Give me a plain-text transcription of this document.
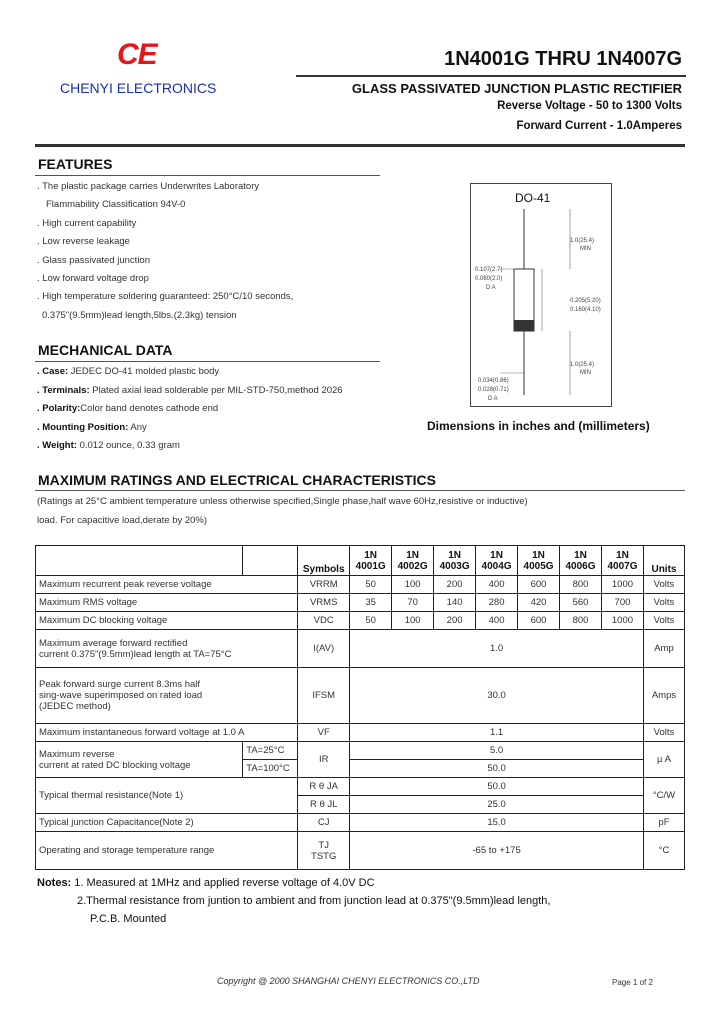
CE
CHENYI ELECTRONICS
1N4001G THRU 1N4007G
GLASS PASSIVATED JUNCTION PLASTIC RECTIFIER
Reverse Voltage - 50 to 1300 Volts
Forward Current - 1.0Amperes
FEATURES
. The plastic package carries Underwrites Laboratory
Flammability Classification 94V-0
. High current capability
. Low reverse leakage
. Glass passivated junction
. Low forward voltage drop
. High temperature soldering guaranteed: 250°C/10 seconds,
0.375"(9.5mm)lead length,5lbs.(2.3kg) tension
MECHANICAL DATA
. Case: JEDEC DO-41 molded plastic body
. Terminals: Plated axial lead solderable per MIL-STD-750,method 2026
. Polarity:Color band denotes cathode end
. Mounting Position: Any
. Weight: 0.012 ounce, 0.33 gram
DO-41
1.0(25.4)
MIN
0.107(2.7)
0.080(2.0)
D A
0.205(5.20)
0.160(4.10)
1.0(25.4)
MIN
0.034(0.86)
0.028(0.71)
D A
Dimensions in inches and (millimeters)
MAXIMUM RATINGS AND ELECTRICAL CHARACTERISTICS
(Ratings at 25°C ambient temperature unless otherwise specified,Single phase,half wave 60Hz,resistive or inductive)
load. For capacitive load,derate by 20%)
		Symbols	1N
4001G	1N
4002G	1N
4003G	1N
4004G	1N
4005G	1N
4006G	1N
4007G	Units
Maximum recurrent peak reverse voltage		VRRM	50	100	200	400	600	800	1000	Volts
Maximum RMS voltage		VRMS	35	70	140	280	420	560	700	Volts
Maximum DC blocking voltage		VDC	50	100	200	400	600	800	1000	Volts
Maximum average forward rectified
current 0.375"(9.5mm)lead length at TA=75°C		I(AV)	1.0							Amp
Peak forward surge current 8.3ms half
sing-wave superimposed on rated load
(JEDEC method)		IFSM	30.0							Amps
Maximum instantaneous forward voltage at 1.0 A		VF	1.1							Volts
Maximum reverse
current at rated DC blocking voltage	TA=25°C	IR	5.0							µ A
	TA=100°C		50.0							
Typical thermal resistance(Note 1)		R θ JA	50.0							°C/W
		R θ JL	25.0							
Typical junction Capacitance(Note 2)		CJ	15.0							pF
Operating and storage temperature range		TJ
TSTG	-65 to +175							°C
Notes: 1. Measured at 1MHz and applied reverse voltage of 4.0V DC
2.Thermal resistance from juntion to ambient and from junction lead at 0.375"(9.5mm)lead length,
P.C.B. Mounted
Copyright @ 2000 SHANGHAI CHENYI ELECTRONICS CO.,LTD	Page 1 of 2
